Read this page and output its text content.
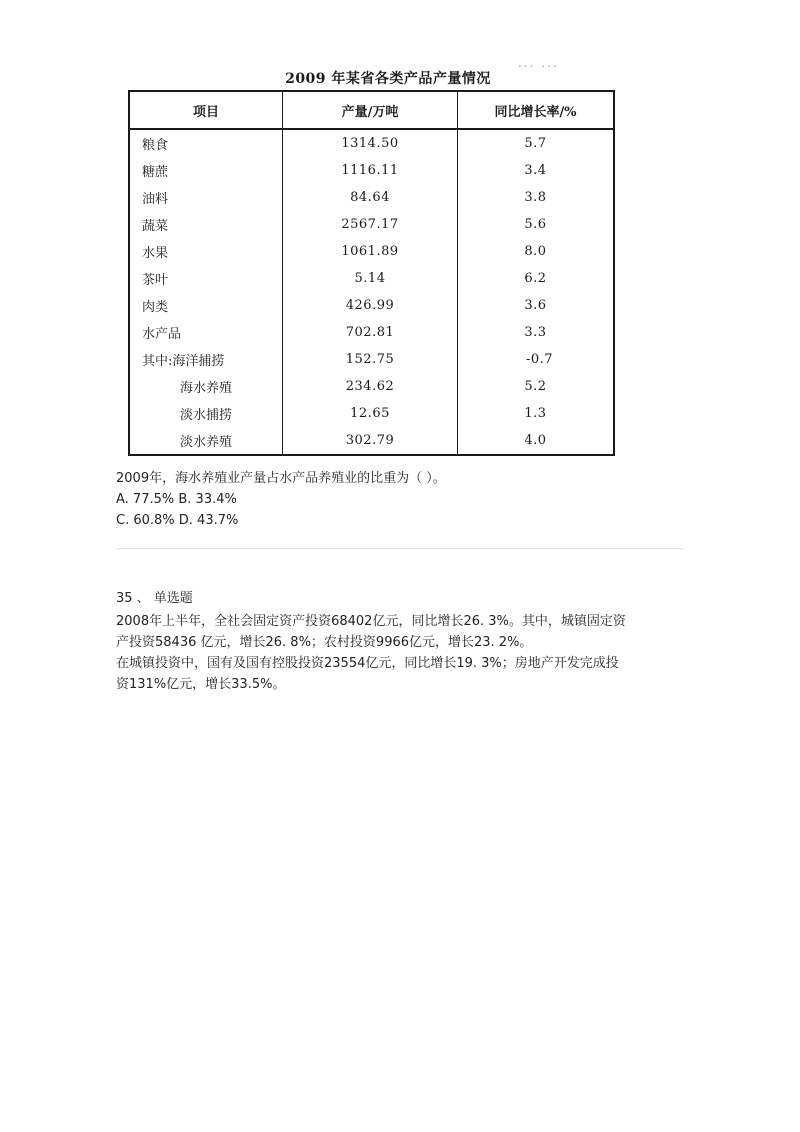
... ...
2009 年某省各类产品产量情况
项目	产量/万吨	同比增长率/%
粮食	1314.50	5.7
糖蔗	1116.11	3.4
油料	84.64	3.8
蔬菜	2567.17	5.6
水果	1061.89	8.0
茶叶	5.14	6.2
肉类	426.99	3.6
水产品	702.81	3.3
其中:海洋捕捞	152.75	-0.7
海水养殖	234.62	5.2
淡水捕捞	12.65	1.3
淡水养殖	302.79	4.0

2009年，海水养殖业产量占水产品养殖业的比重为（ ）。

A. 77.5% B. 33.4%

C. 60.8% D. 43.7%

35 、 单选题

2008年上半年，全社会固定资产投资68402亿元，同比增长26. 3%。其中，城镇固定资

产投资58436 亿元，增长26. 8%；农村投资9966亿元，增长23. 2%。

在城镇投资中，国有及国有控股投资23554亿元，同比增长19. 3%；房地产开发完成投

资131%亿元，增长33.5%。
